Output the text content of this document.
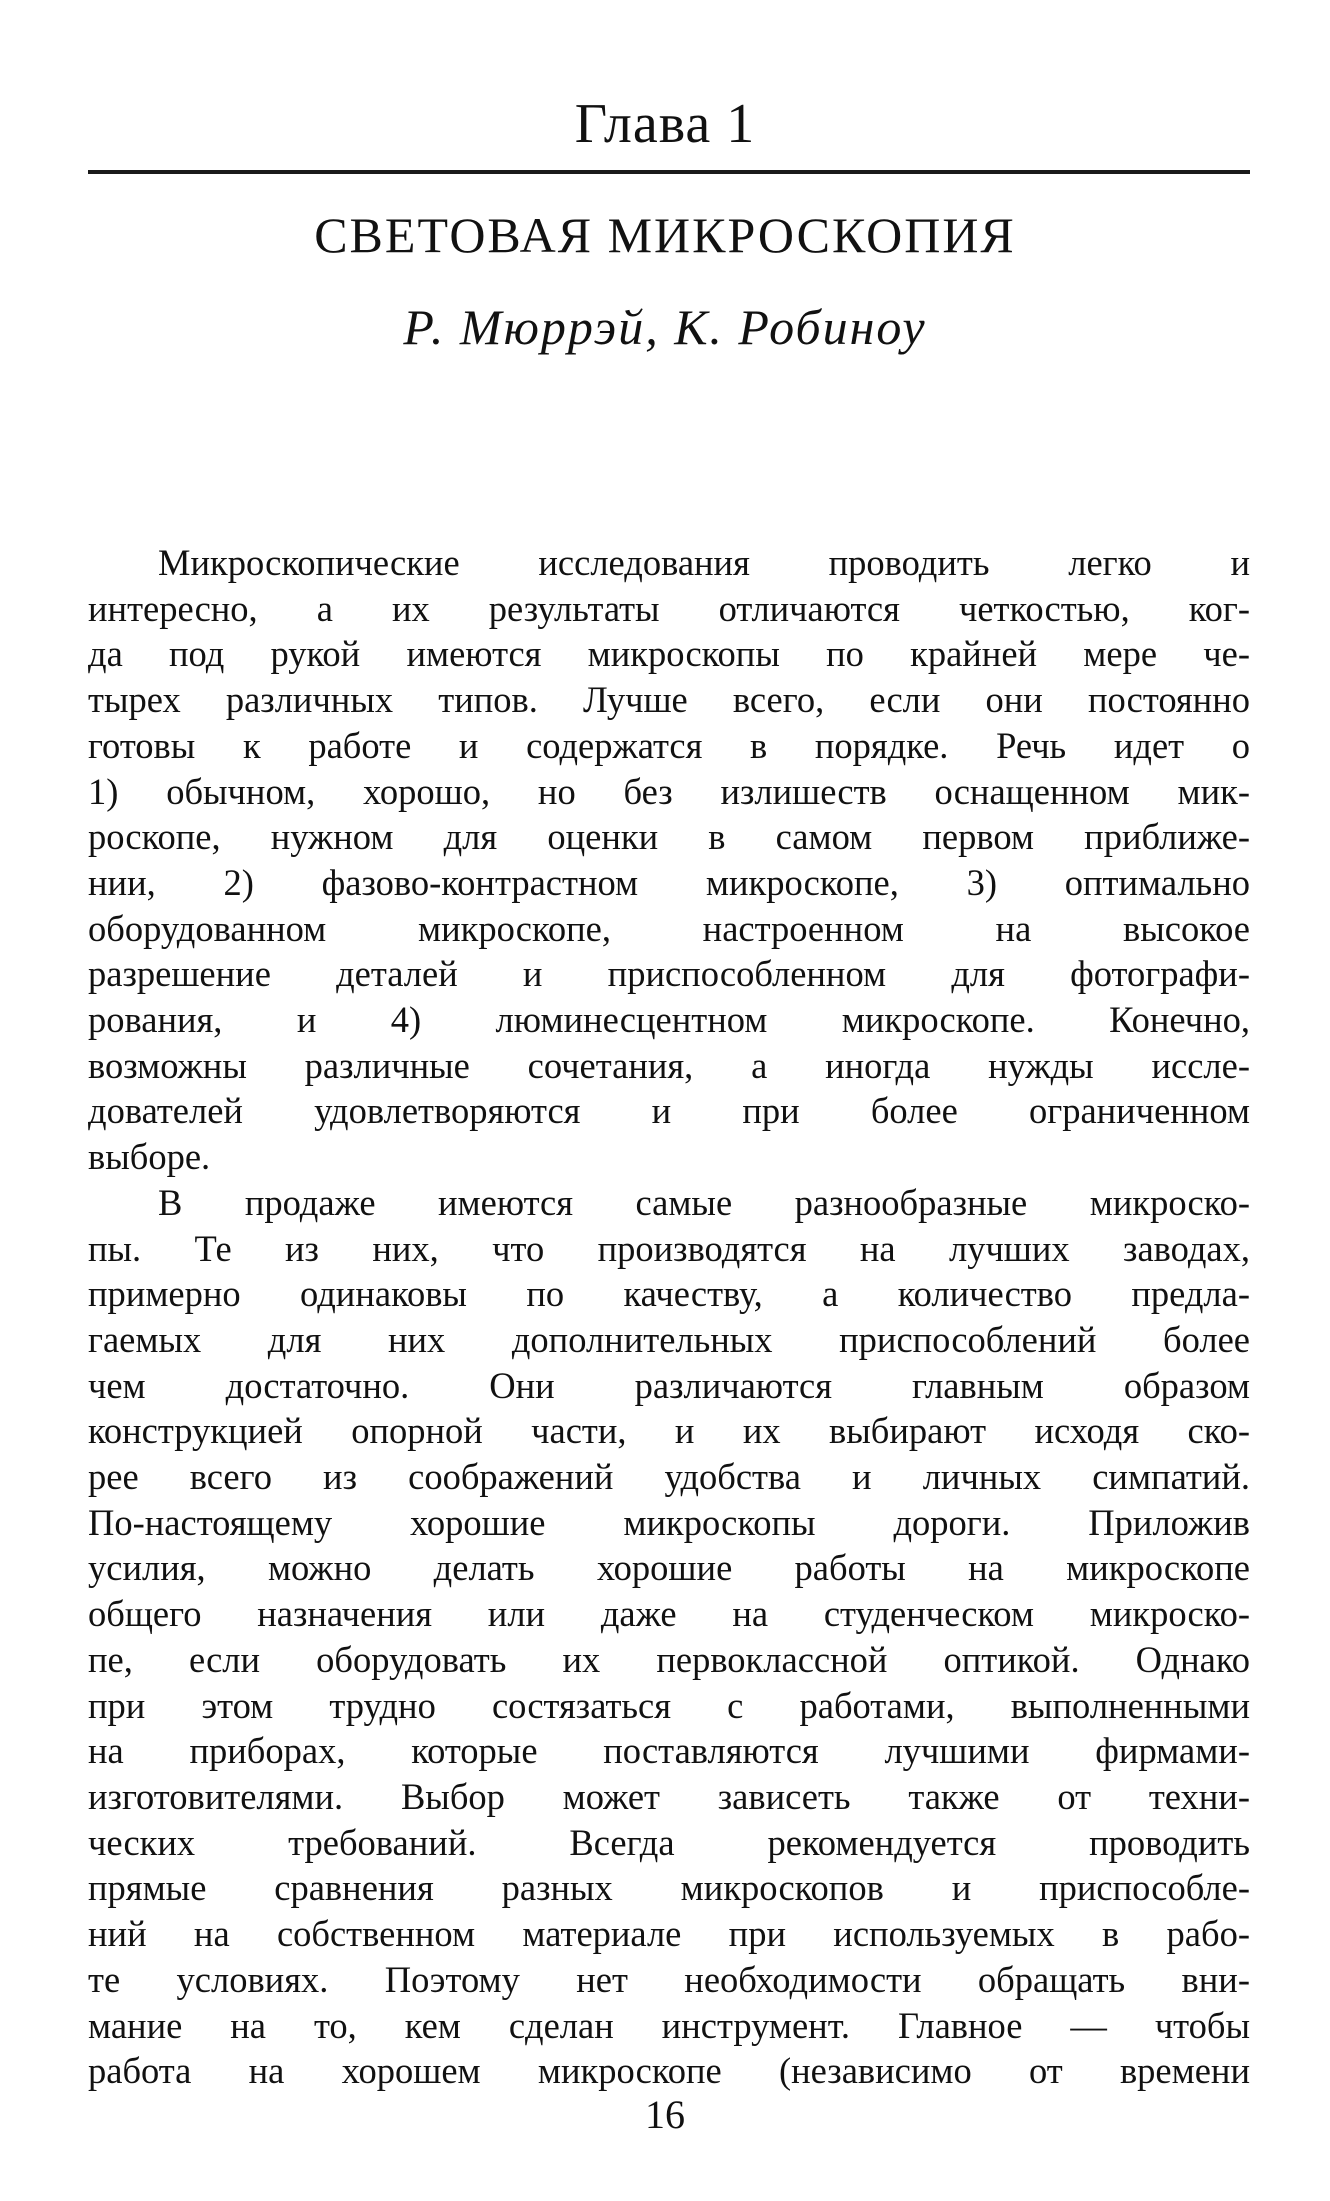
Глава 1
СВЕТОВАЯ МИКРОСКОПИЯ
Р. Мюррэй, К. Робиноу
Микроскопические исследования проводить легко и
интересно, а их результаты отличаются четкостью, ког-
да под рукой имеются микроскопы по крайней мере че-
тырех различных типов. Лучше всего, если они постоянно
готовы к работе и содержатся в порядке. Речь идет о
1) обычном, хорошо, но без излишеств оснащенном мик-
роскопе, нужном для оценки в самом первом приближе-
нии, 2) фазово-контрастном микроскопе, 3) оптимально
оборудованном микроскопе, настроенном на высокое
разрешение деталей и приспособленном для фотографи-
рования, и 4) люминесцентном микроскопе. Конечно,
возможны различные сочетания, а иногда нужды иссле-
дователей удовлетворяются и при более ограниченном
выборе.
В продаже имеются самые разнообразные микроско-
пы. Те из них, что производятся на лучших заводах,
примерно одинаковы по качеству, а количество предла-
гаемых для них дополнительных приспособлений более
чем достаточно. Они различаются главным образом
конструкцией опорной части, и их выбирают исходя ско-
рее всего из соображений удобства и личных симпатий.
По-настоящему хорошие микроскопы дороги. Приложив
усилия, можно делать хорошие работы на микроскопе
общего назначения или даже на студенческом микроско-
пе, если оборудовать их первоклассной оптикой. Однако
при этом трудно состязаться с работами, выполненными
на приборах, которые поставляются лучшими фирмами-
изготовителями. Выбор может зависеть также от техни-
ческих требований. Всегда рекомендуется проводить
прямые сравнения разных микроскопов и приспособле-
ний на собственном материале при используемых в рабо-
те условиях. Поэтому нет необходимости обращать вни-
мание на то, кем сделан инструмент. Главное — чтобы
работа на хорошем микроскопе (независимо от времени
16
